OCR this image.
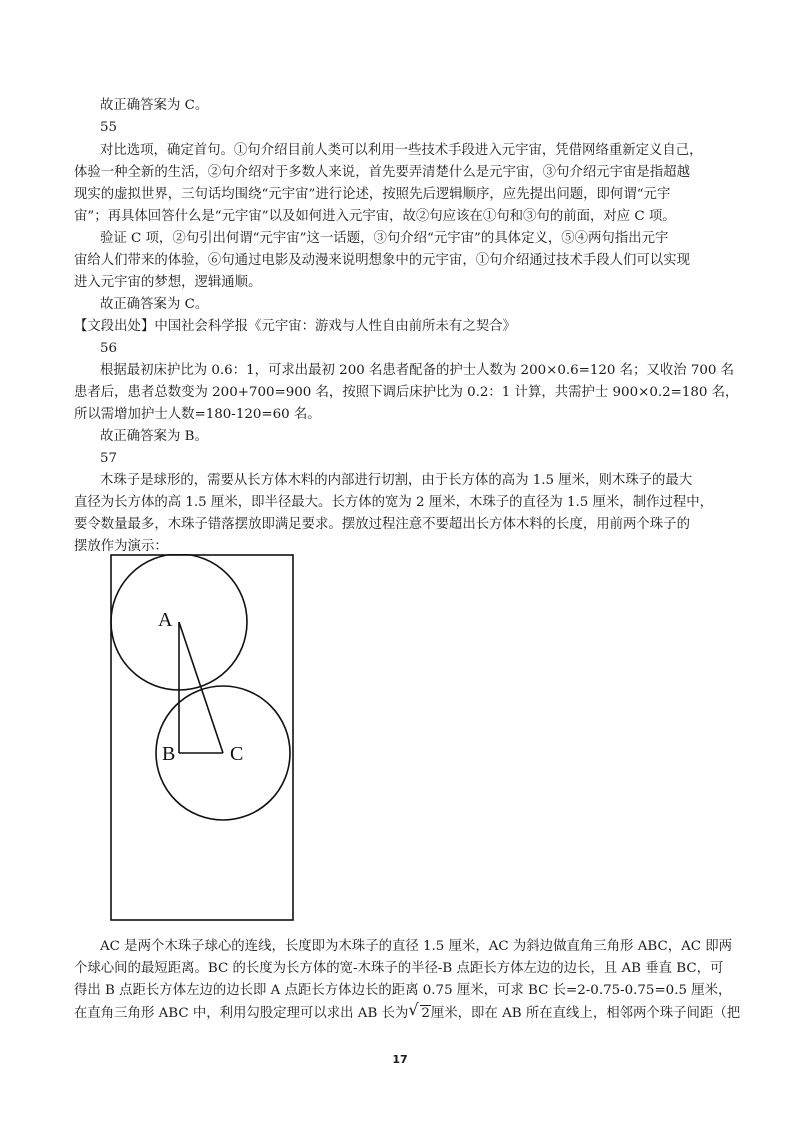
故正确答案为 C。
55
对比选项，确定首句。①句介绍目前人类可以利用一些技术手段进入元宇宙，凭借网络重新定义自己，
体验一种全新的生活，②句介绍对于多数人来说，首先要弄清楚什么是元宇宙，③句介绍元宇宙是指超越
现实的虚拟世界，三句话均围绕“元宇宙”进行论述，按照先后逻辑顺序，应先提出问题，即何谓“元宇
宙”；再具体回答什么是“元宇宙”以及如何进入元宇宙，故②句应该在①句和③句的前面，对应 C 项。
验证 C 项，②句引出何谓“元宇宙”这一话题，③句介绍“元宇宙”的具体定义，⑤④两句指出元宇
宙给人们带来的体验，⑥句通过电影及动漫来说明想象中的元宇宙，①句介绍通过技术手段人们可以实现
进入元宇宙的梦想，逻辑通顺。
故正确答案为 C。
【文段出处】中国社会科学报《元宇宙：游戏与人性自由前所未有之契合》
56
根据最初床护比为 0.6：1，可求出最初 200 名患者配备的护士人数为 200×0.6=120 名；又收治 700 名
患者后，患者总数变为 200+700=900 名，按照下调后床护比为 0.2：1 计算，共需护士 900×0.2=180 名，
所以需增加护士人数=180-120=60 名。
故正确答案为 B。
57
木珠子是球形的，需要从长方体木料的内部进行切割，由于长方体的高为 1.5 厘米，则木珠子的最大
直径为长方体的高 1.5 厘米，即半径最大。长方体的宽为 2 厘米，木珠子的直径为 1.5 厘米，制作过程中，
要令数量最多，木珠子错落摆放即满足要求。摆放过程注意不要超出长方体木料的长度，用前两个珠子的
摆放作为演示：
A
B	C
AC 是两个木珠子球心的连线，长度即为木珠子的直径 1.5 厘米，AC 为斜边做直角三角形 ABC，AC 即两
个球心间的最短距离。BC 的长度为长方体的宽-木珠子的半径-B 点距长方体左边的边长，且 AB 垂直 BC，可
得出 B 点距长方体左边的边长即 A 点距长方体边长的距离 0.75 厘米，可求 BC 长=2-0.75-0.75=0.5 厘米，
在直角三角形 ABC 中，利用勾股定理可以求出 AB 长为 √ 2厘米，即在 AB 所在直线上，相邻两个珠子间距（把
17
